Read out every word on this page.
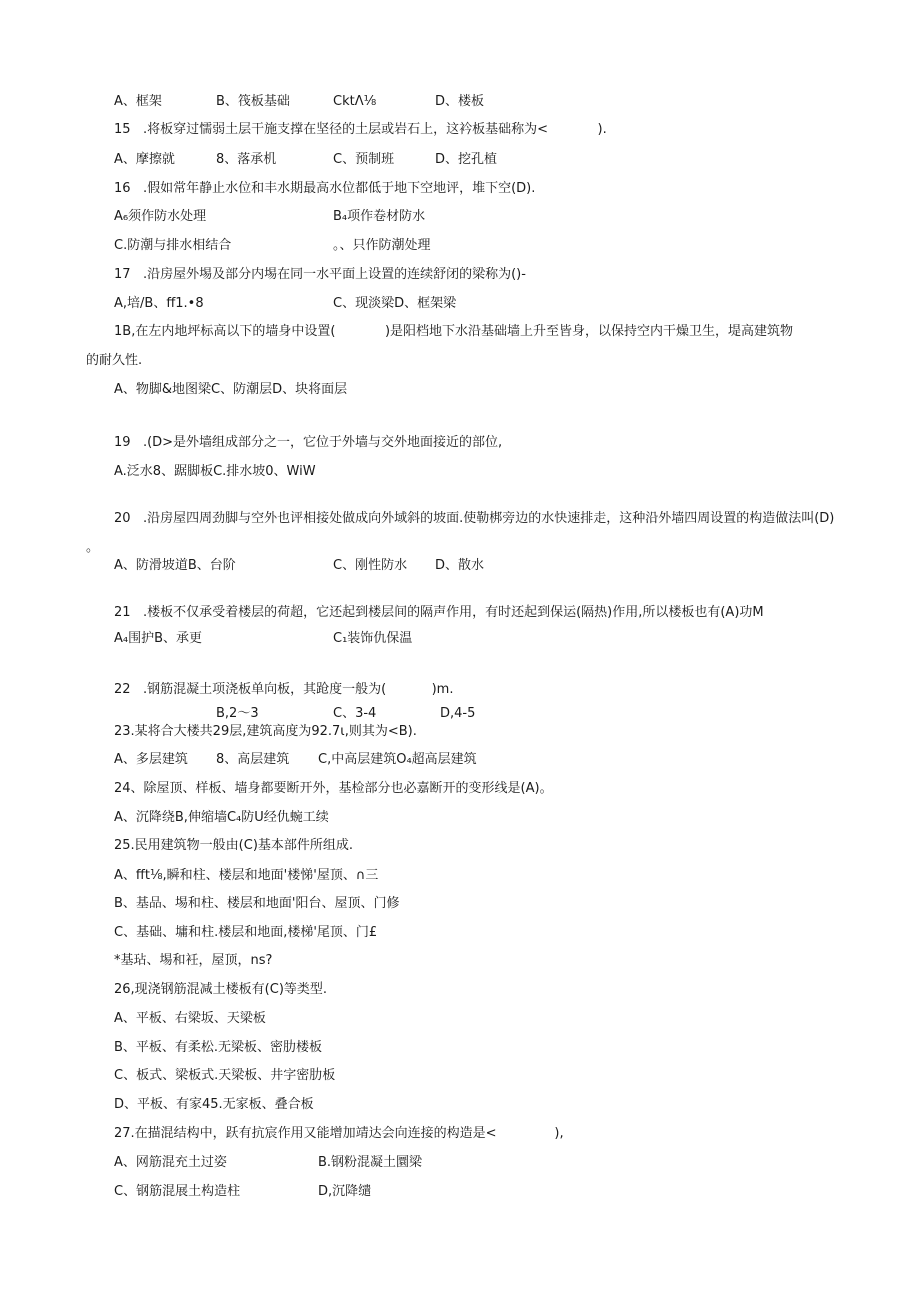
A、框架	B、筏板基础	CktΛ⅛	D、楼板
15   .将板穿过懦弱土层干施支撑在坚径的土层或岩石上，这衿板基础称为<            ).
A、摩擦就	8、落承机	C、预制班	D、挖孔植
16   .假如常年静止水位和丰水期最高水位都低于地下空地评，堆下空(D).
A₆须作防水处理	B₄项作卷材防水
C.防潮与排水相结合	。、只作防潮处理
17   .沿房屋外埸及部分内埸在同一水平面上设置的连续舒闭的梁称为()-
A,培/B、ff1.•8	C、现淡梁D、框架梁
1B,在左内地坪标高以下的墙身中设置(            )是阳档地下水沿基础墙上升至皆身，以保持空内干燥卫生，堤高建筑物
的耐久性.
A、物脚&地图梁C、防潮层D、块将面层
19   .(D>是外墙组成部分之一，它位于外墙与交外地面接近的部位,
A.泛水8、踞脚板C.排水坡0、WiW
20   .沿房屋四周劲脚与空外也评相接处做成向外域斜的坡面.使勒梆旁边的水快速排走，这种沿外墙四周设置的构造做法叫(D)
。
A、防滑坡道B、台阶	C、刚性防水 D、散水
21   .楼板不仅承受着楼层的荷超，它还起到楼层间的隔声作用，有时还起到保运(隔热)作用,所以楼板也有(A)功M
A₄围护B、承更	C₁装饰仇保温
22   .钢筋混凝土项浇板单向板，其跄度一般为(           )m.
B,2〜3	C、3-4	D,4-5
23.某将合大楼共29层,建筑高度为92.7ι,则其为<B).
A、多层建筑 8、高层建筑 C,中高层建筑O₄超高层建筑
24、除屋顶、样板、墙身都要断开外，基检部分也必嘉断开的变形线是(A)。
A、沉降绕B,伸缩墙C₄防U经仇蜿工续
25.民用建筑物一般由(C)基本部件所组成.
A、fft⅛,瞬和柱、楼层和地面'楼悌'屋顶、∩三
B、基品、埸和柱、楼层和地面'阳台、屋顶、门修
C、基础、墉和柱.楼层和地面,楼梯'尾顶、门£
*基玷、埸和衽，屋顶，ns?
26,现浇钢筋混减土楼板有(C)等类型.
A、平板、右梁坂、天梁板
B、平板、有柔松.无梁板、密肋楼板
C、板式、梁板式.天梁板、井字密肋板
D、平板、有家45.无家板、叠合板
27.在描混结构中，跃有抗宸作用又能增加靖达会向连接的构造是<              ),
A、网筋混充土过姿	B.钢粉混凝土圜梁
C、钢筋混展土构造柱	D,沉降缱
